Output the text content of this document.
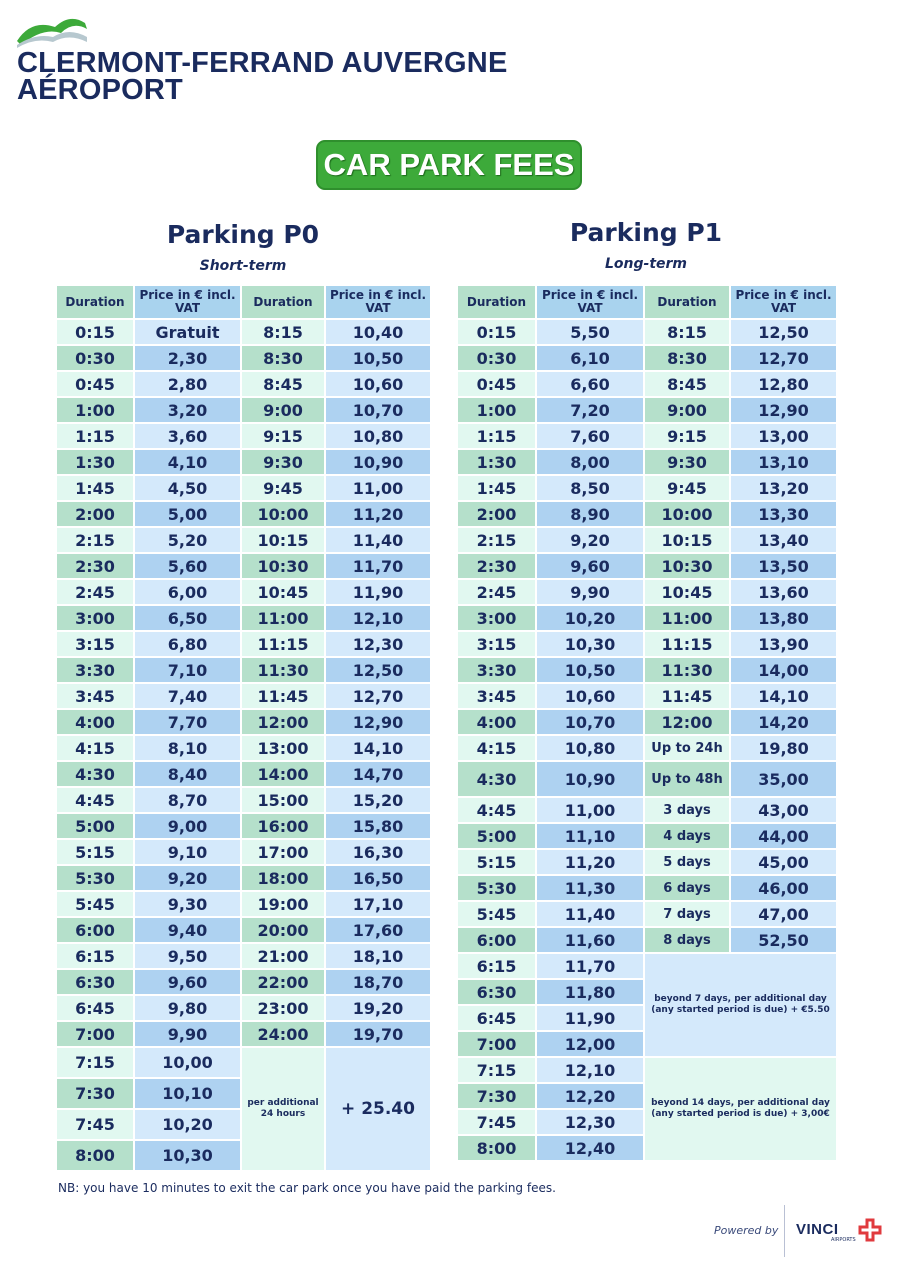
CLERMONT-FERRAND AUVERGNE
AÉROPORT
CAR PARK FEES
Parking P0
Short-term
Parking P1
Long-term
Duration	Price in € incl. VAT	Duration	Price in € incl. VAT
0:15	Gratuit	8:15	10,40
0:30	2,30	8:30	10,50
0:45	2,80	8:45	10,60
1:00	3,20	9:00	10,70
1:15	3,60	9:15	10,80
1:30	4,10	9:30	10,90
1:45	4,50	9:45	11,00
2:00	5,00	10:00	11,20
2:15	5,20	10:15	11,40
2:30	5,60	10:30	11,70
2:45	6,00	10:45	11,90
3:00	6,50	11:00	12,10
3:15	6,80	11:15	12,30
3:30	7,10	11:30	12,50
3:45	7,40	11:45	12,70
4:00	7,70	12:00	12,90
4:15	8,10	13:00	14,10
4:30	8,40	14:00	14,70
4:45	8,70	15:00	15,20
5:00	9,00	16:00	15,80
5:15	9,10	17:00	16,30
5:30	9,20	18:00	16,50
5:45	9,30	19:00	17,10
6:00	9,40	20:00	17,60
6:15	9,50	21:00	18,10
6:30	9,60	22:00	18,70
6:45	9,80	23:00	19,20
7:00	9,90	24:00	19,70
7:15	10,00	per additional 24 hours	+ 25.40
7:30	10,10		
7:45	10,20		
8:00	10,30		
Duration	Price in € incl. VAT	Duration	Price in € incl. VAT
0:15	5,50	8:15	12,50
0:30	6,10	8:30	12,70
0:45	6,60	8:45	12,80
1:00	7,20	9:00	12,90
1:15	7,60	9:15	13,00
1:30	8,00	9:30	13,10
1:45	8,50	9:45	13,20
2:00	8,90	10:00	13,30
2:15	9,20	10:15	13,40
2:30	9,60	10:30	13,50
2:45	9,90	10:45	13,60
3:00	10,20	11:00	13,80
3:15	10,30	11:15	13,90
3:30	10,50	11:30	14,00
3:45	10,60	11:45	14,10
4:00	10,70	12:00	14,20
4:15	10,80	Up to 24h	19,80
4:30	10,90	Up to 48h	35,00
4:45	11,00	3 days	43,00
5:00	11,10	4 days	44,00
5:15	11,20	5 days	45,00
5:30	11,30	6 days	46,00
5:45	11,40	7 days	47,00
6:00	11,60	8 days	52,50
6:15	11,70	beyond 7 days, per additional day (any started period is due) + €5.50	
6:30	11,80		
6:45	11,90		
7:00	12,00		
7:15	12,10	beyond 14 days, per additional day (any started period is due) + 3,00€	
7:30	12,20		
7:45	12,30		
8:00	12,40		
NB: you have 10 minutes to exit the car park once you have paid the parking fees.
Powered by VINCI
AIRPORTS
